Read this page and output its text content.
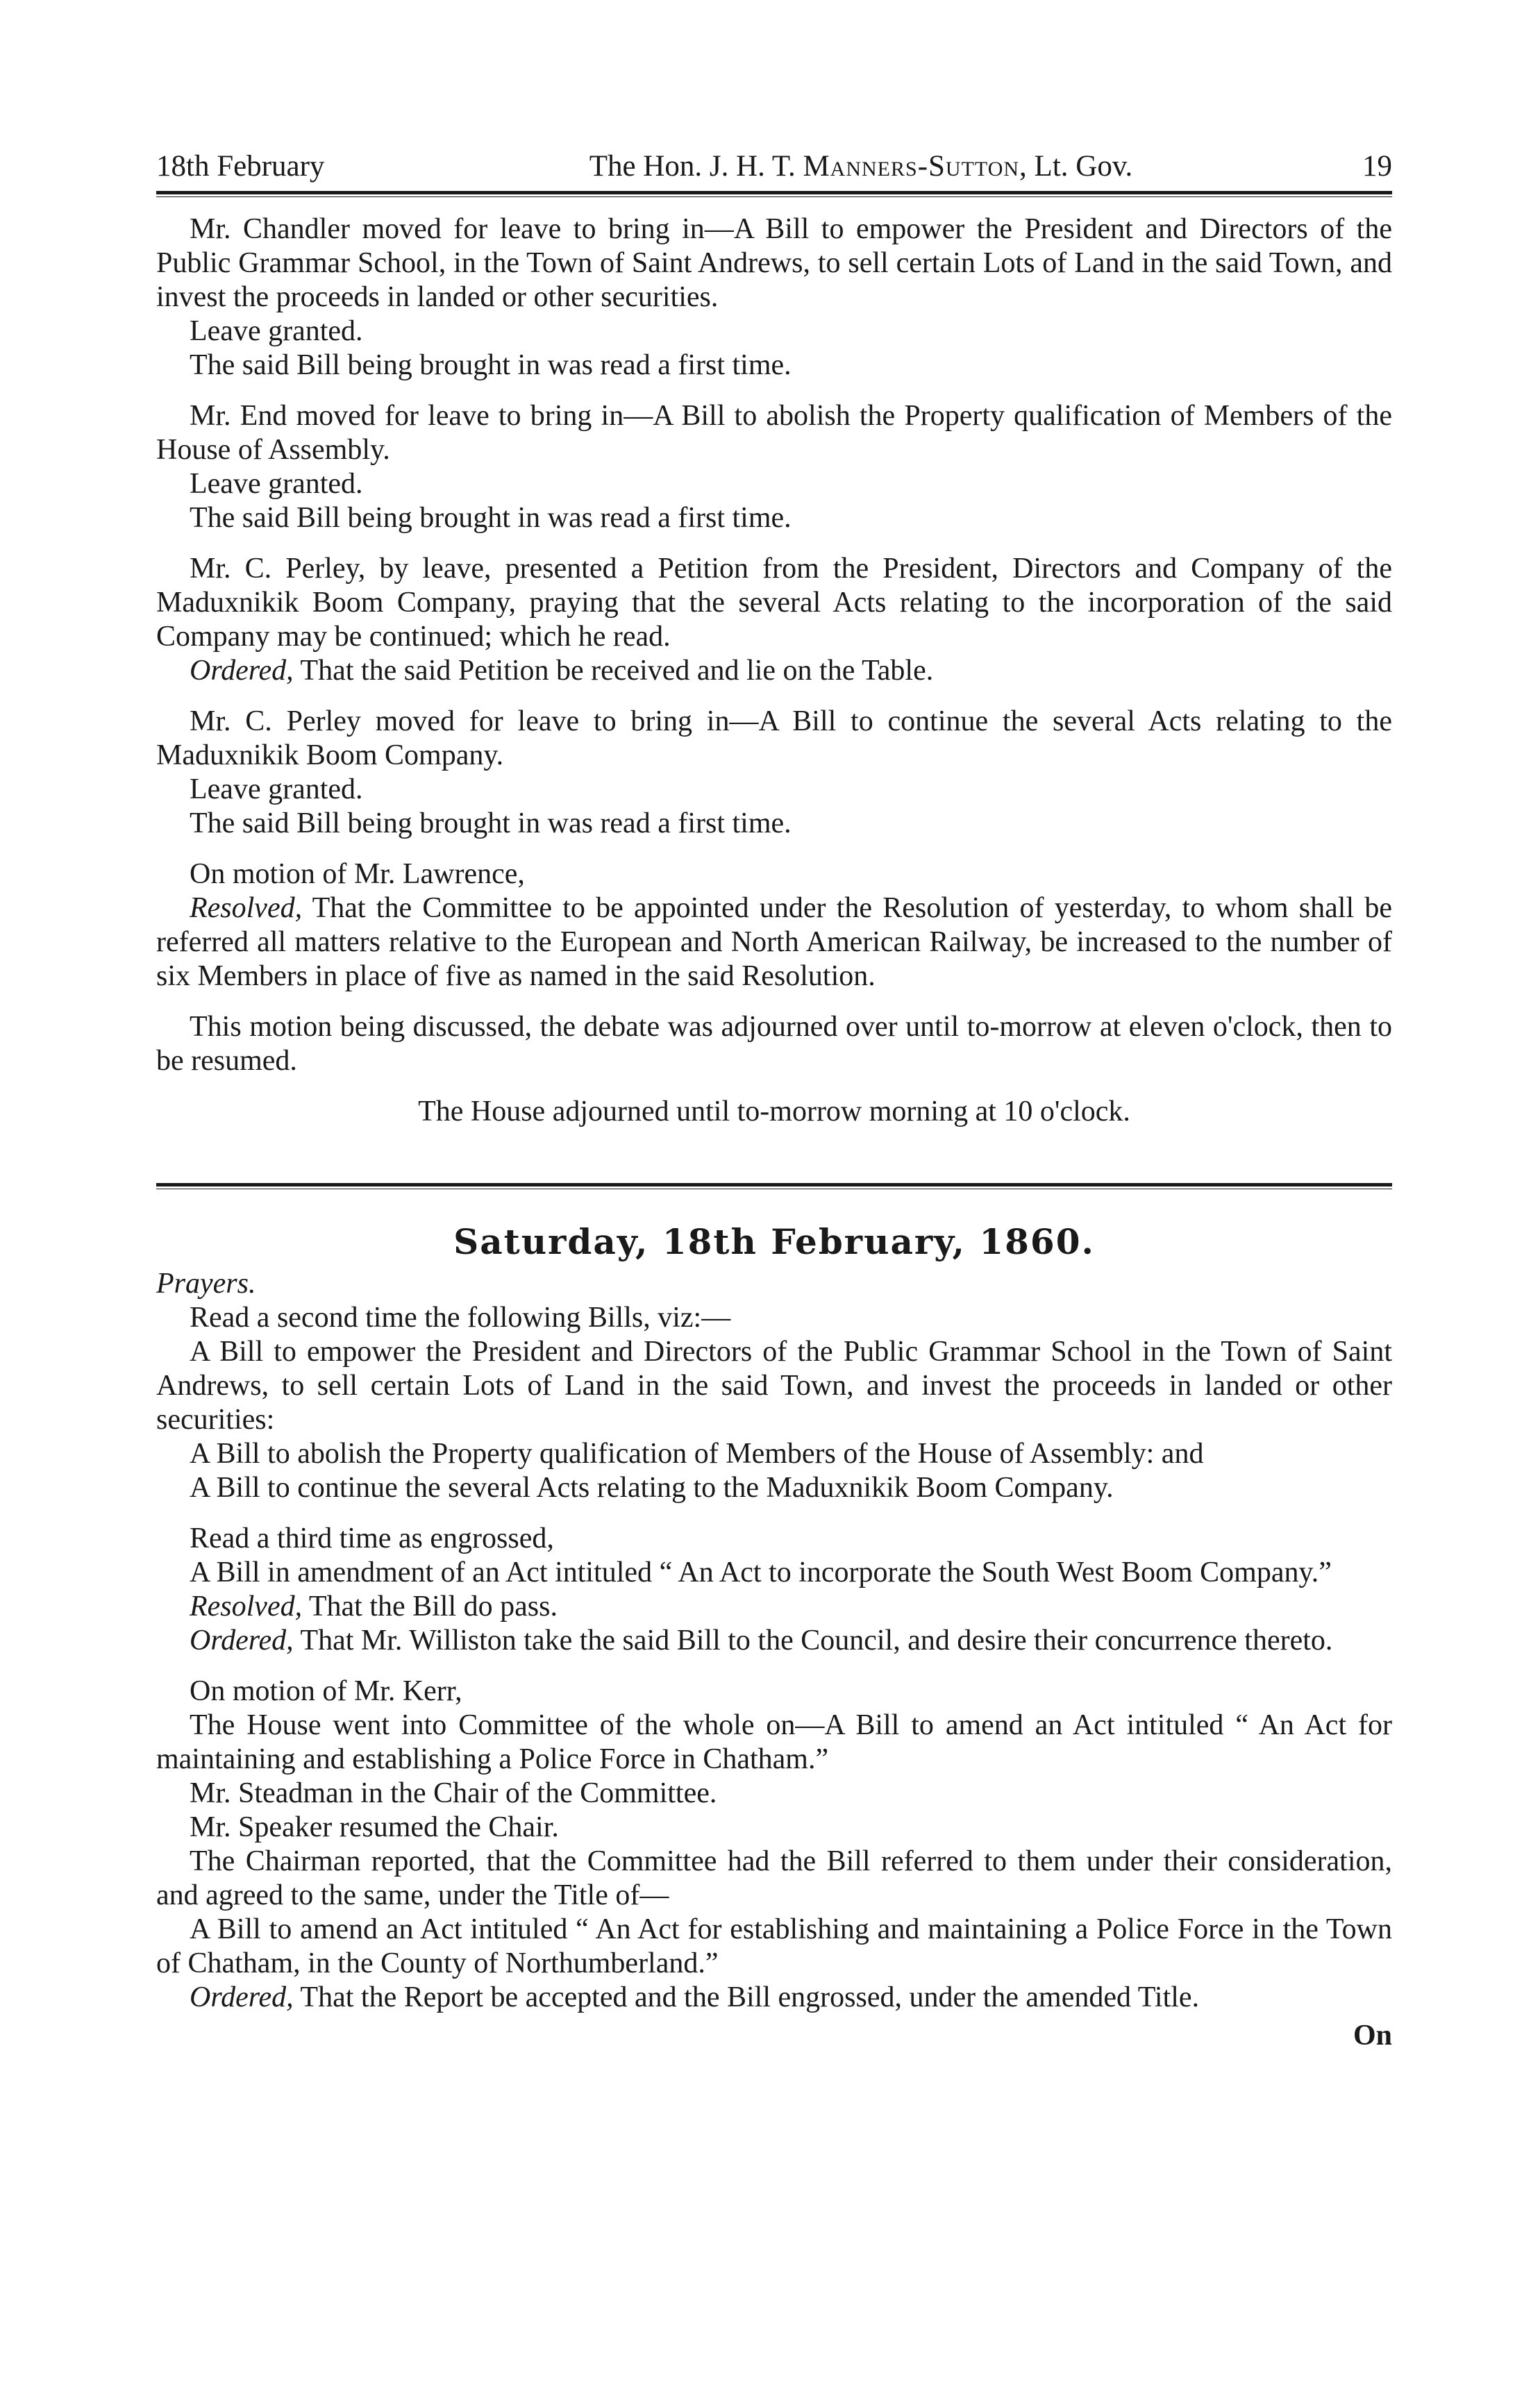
18th February	The Hon. J. H. T. Manners-Sutton, Lt. Gov.	19

Mr. Chandler moved for leave to bring in—A Bill to empower the President and Directors of the Public Grammar School, in the Town of Saint Andrews, to sell certain Lots of Land in the said Town, and invest the proceeds in landed or other securities.

Leave granted.

The said Bill being brought in was read a first time.

Mr. End moved for leave to bring in—A Bill to abolish the Property qualification of Members of the House of Assembly.

Leave granted.

The said Bill being brought in was read a first time.

Mr. C. Perley, by leave, presented a Petition from the President, Directors and Company of the Maduxnikik Boom Company, praying that the several Acts relating to the incorporation of the said Company may be continued; which he read.

Ordered, That the said Petition be received and lie on the Table.

Mr. C. Perley moved for leave to bring in—A Bill to continue the several Acts relating to the Maduxnikik Boom Company.

Leave granted.

The said Bill being brought in was read a first time.

On motion of Mr. Lawrence,

Resolved, That the Committee to be appointed under the Resolution of yesterday, to whom shall be referred all matters relative to the European and North American Railway, be increased to the number of six Members in place of five as named in the said Resolution.

This motion being discussed, the debate was adjourned over until to-morrow at eleven o'clock, then to be resumed.

The House adjourned until to-morrow morning at 10 o'clock.

Saturday, 18th February, 1860.

Prayers.

Read a second time the following Bills, viz:—

A Bill to empower the President and Directors of the Public Grammar School in the Town of Saint Andrews, to sell certain Lots of Land in the said Town, and invest the proceeds in landed or other securities:

A Bill to abolish the Property qualification of Members of the House of Assembly: and

A Bill to continue the several Acts relating to the Maduxnikik Boom Company.

Read a third time as engrossed,

A Bill in amendment of an Act intituled “ An Act to incorporate the South West Boom Company.”

Resolved, That the Bill do pass.

Ordered, That Mr. Williston take the said Bill to the Council, and desire their concurrence thereto.

On motion of Mr. Kerr,

The House went into Committee of the whole on—A Bill to amend an Act intituled “ An Act for maintaining and establishing a Police Force in Chatham.”

Mr. Steadman in the Chair of the Committee.

Mr. Speaker resumed the Chair.

The Chairman reported, that the Committee had the Bill referred to them under their consideration, and agreed to the same, under the Title of—

A Bill to amend an Act intituled “ An Act for establishing and maintaining a Police Force in the Town of Chatham, in the County of Northumberland.”

Ordered, That the Report be accepted and the Bill engrossed, under the amended Title.

On
